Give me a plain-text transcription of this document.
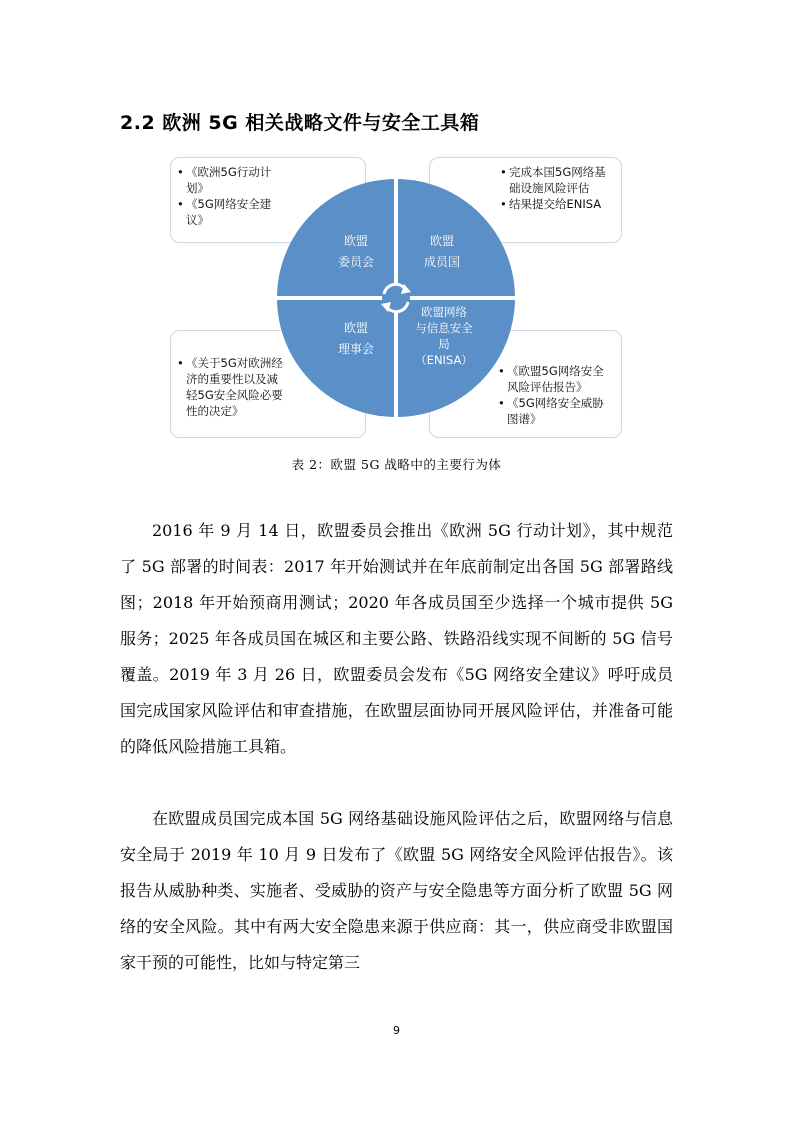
2.2 欧洲 5G 相关战略文件与安全工具箱
• 《欧洲5G行动计划》
• 《5G网络安全建议》
• 完成本国5G网络基础设施风险评估
• 结果提交给ENISA
• 《关于5G对欧洲经济的重要性以及减轻5G安全风险必要性的决定》
• 《欧盟5G网络安全风险评估报告》
• 《5G网络安全威胁图谱》
欧盟
委员会
欧盟
成员国
欧盟
理事会
欧盟网络
与信息安全
局
（ENISA）
表 2：欧盟 5G 战略中的主要行为体

2016 年 9 月 14 日，欧盟委员会推出《欧洲 5G 行动计划》，其中规范了 5G 部署的时间表：2017 年开始测试并在年底前制定出各国 5G 部署路线图；2018 年开始预商用测试；2020 年各成员国至少选择一个城市提供 5G 服务；2025 年各成员国在城区和主要公路、铁路沿线实现不间断的 5G 信号覆盖。2019 年 3 月 26 日，欧盟委员会发布《5G 网络安全建议》呼吁成员国完成国家风险评估和审查措施，在欧盟层面协同开展风险评估，并准备可能的降低风险措施工具箱。

在欧盟成员国完成本国 5G 网络基础设施风险评估之后，欧盟网络与信息安全局于 2019 年 10 月 9 日发布了《欧盟 5G 网络安全风险评估报告》。该报告从威胁种类、实施者、受威胁的资产与安全隐患等方面分析了欧盟 5G 网络的安全风险。其中有两大安全隐患来源于供应商：其一，供应商受非欧盟国家干预的可能性，比如与特定第三

9
